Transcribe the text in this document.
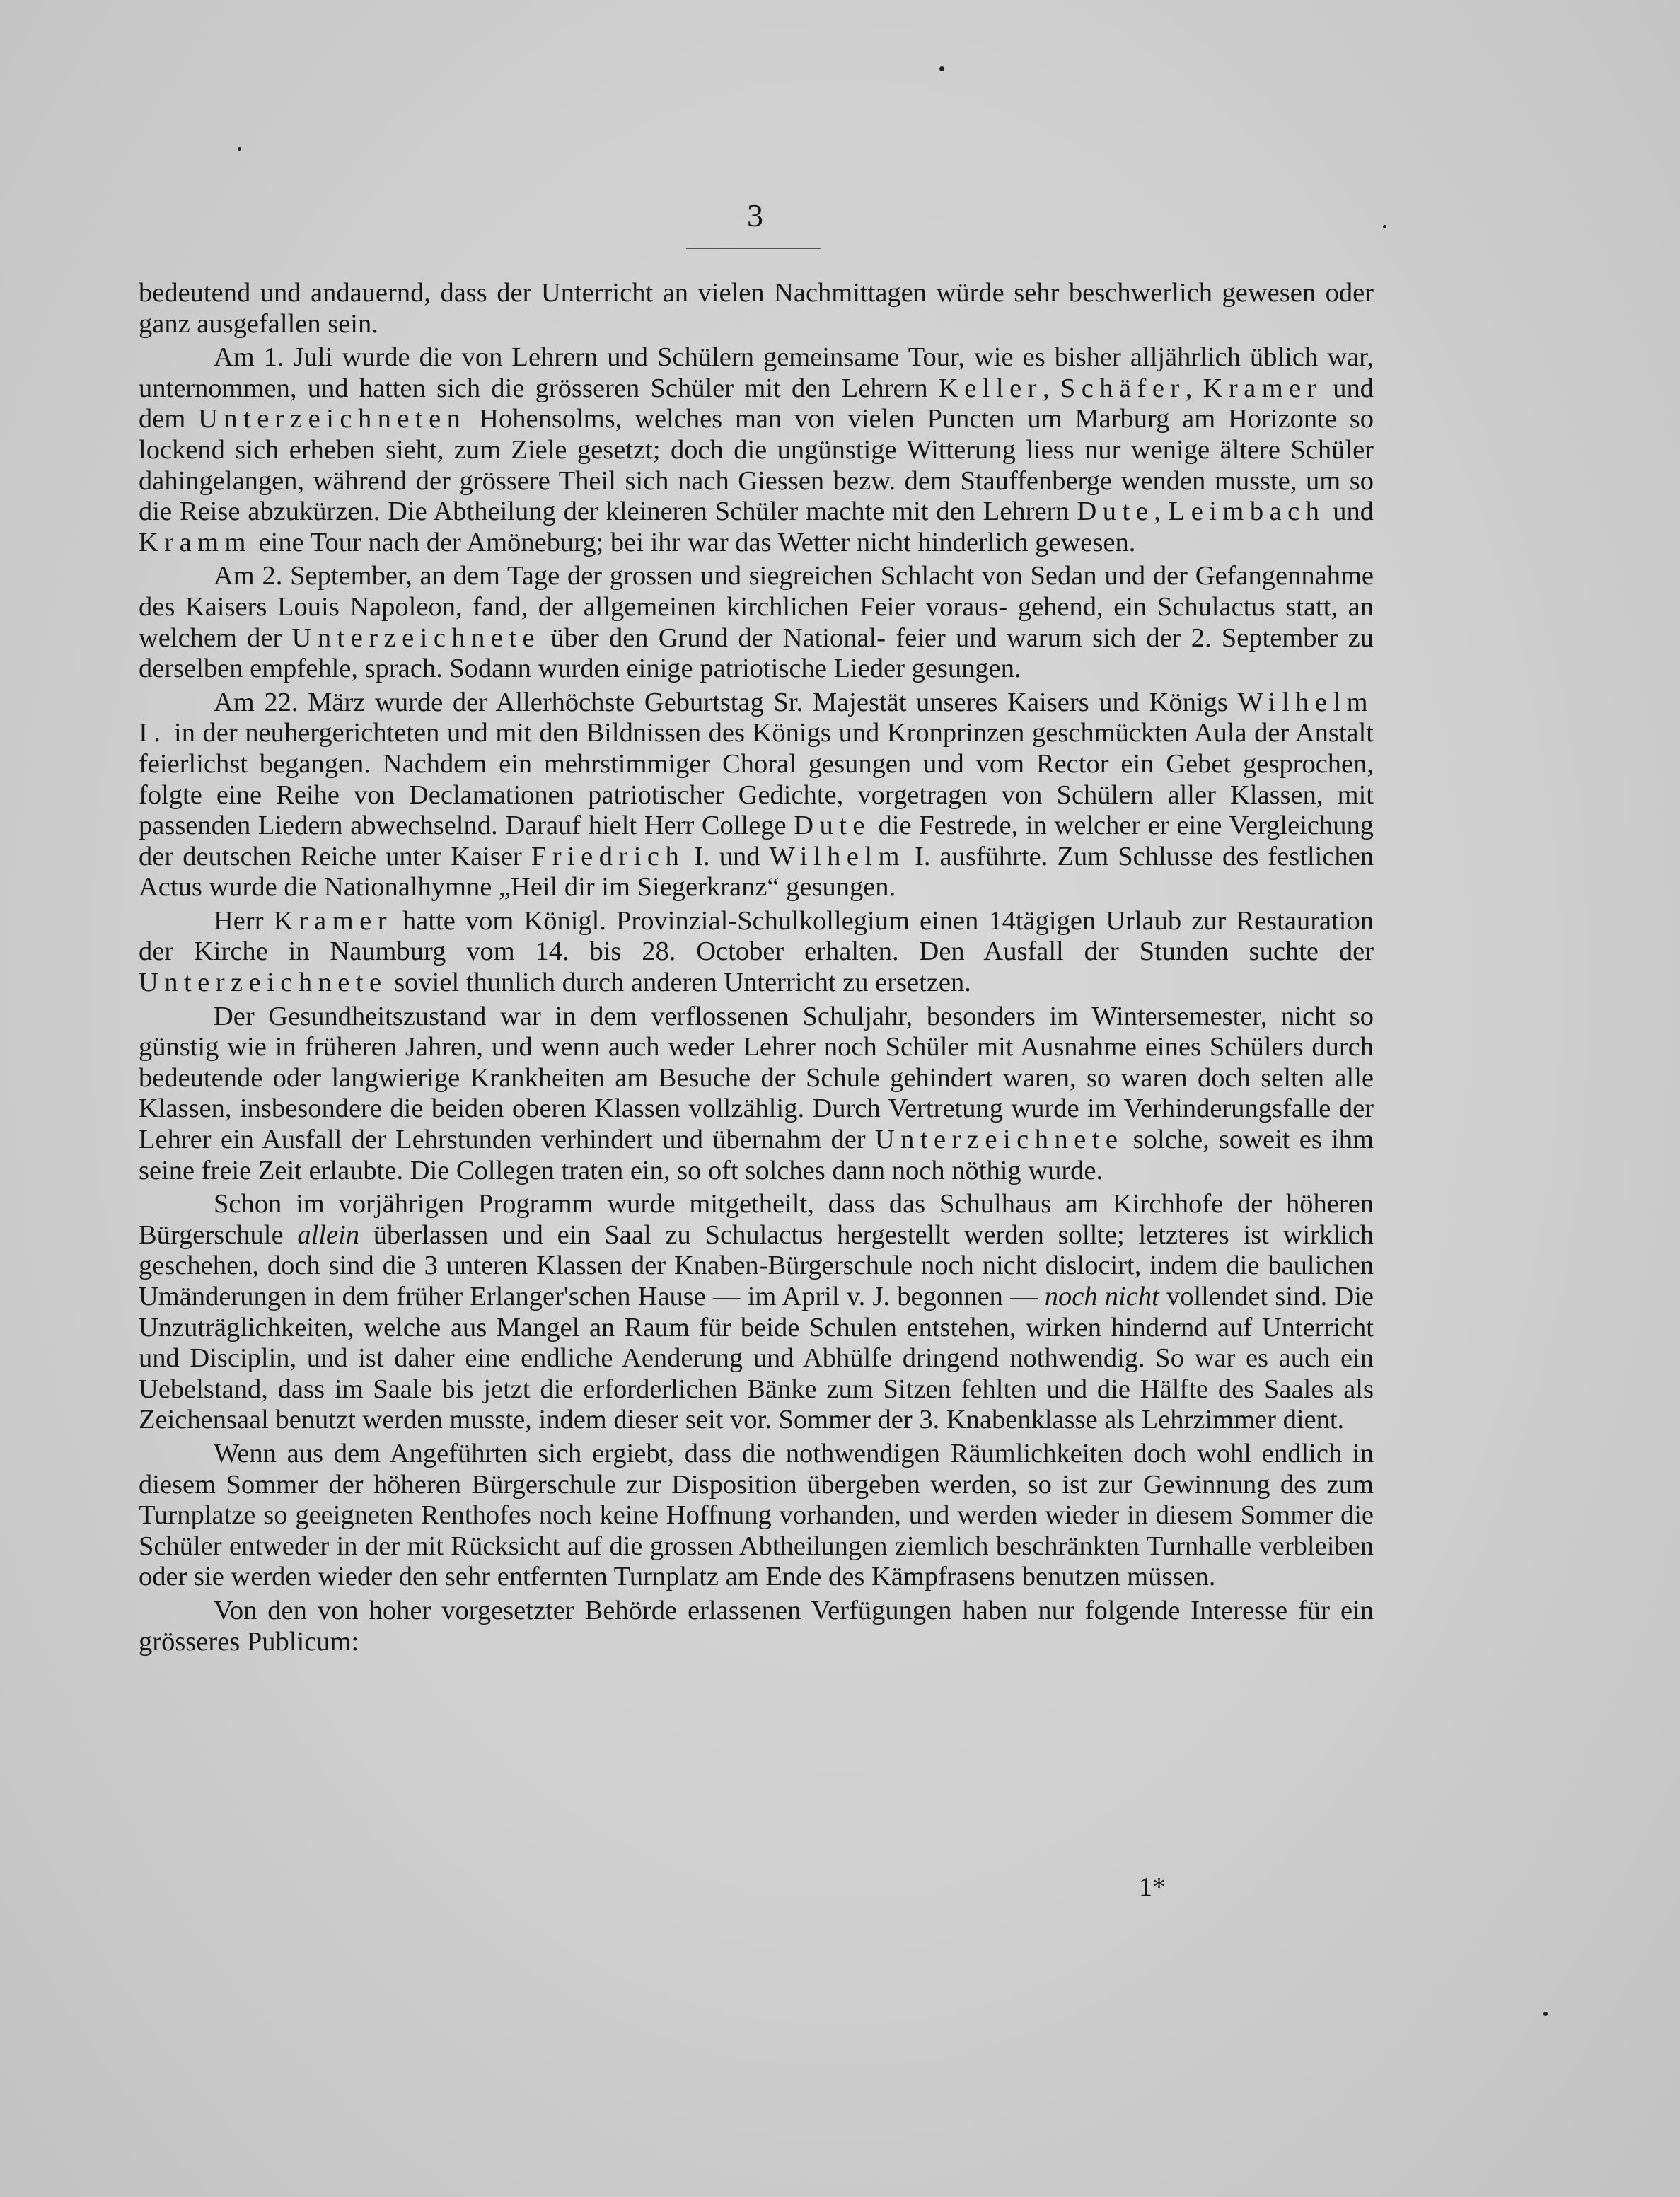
3

bedeutend und andauernd, dass der Unterricht an vielen Nachmittagen würde sehr beschwerlich gewesen oder ganz ausgefallen sein.

Am 1. Juli wurde die von Lehrern und Schülern gemeinsame Tour, wie es bisher alljährlich üblich war, unternommen, und hatten sich die grösseren Schüler mit den Lehrern Keller, Schäfer, Kramer und dem Unterzeichneten Hohensolms, welches man von vielen Puncten um Marburg am Horizonte so lockend sich erheben sieht, zum Ziele gesetzt; doch die ungünstige Witterung liess nur wenige ältere Schüler dahingelangen, während der grössere Theil sich nach Giessen bezw. dem Stauffenberge wenden musste, um so die Reise abzukürzen. Die Abtheilung der kleineren Schüler machte mit den Lehrern Dute, Leimbach und Kramm eine Tour nach der Amöneburg; bei ihr war das Wetter nicht hinderlich gewesen.

Am 2. September, an dem Tage der grossen und siegreichen Schlacht von Sedan und der Gefangennahme des Kaisers Louis Napoleon, fand, der allgemeinen kirchlichen Feier voraus- gehend, ein Schulactus statt, an welchem der Unterzeichnete über den Grund der National- feier und warum sich der 2. September zu derselben empfehle, sprach. Sodann wurden einige patriotische Lieder gesungen.

Am 22. März wurde der Allerhöchste Geburtstag Sr. Majestät unseres Kaisers und Königs Wilhelm I. in der neuhergerichteten und mit den Bildnissen des Königs und Kronprinzen geschmückten Aula der Anstalt feierlichst begangen. Nachdem ein mehrstimmiger Choral gesungen und vom Rector ein Gebet gesprochen, folgte eine Reihe von Declamationen patriotischer Gedichte, vorgetragen von Schülern aller Klassen, mit passenden Liedern abwechselnd. Darauf hielt Herr College Dute die Festrede, in welcher er eine Vergleichung der deutschen Reiche unter Kaiser Friedrich I. und Wilhelm I. ausführte. Zum Schlusse des festlichen Actus wurde die Nationalhymne „Heil dir im Siegerkranz“ gesungen.

Herr Kramer hatte vom Königl. Provinzial-Schulkollegium einen 14tägigen Urlaub zur Restauration der Kirche in Naumburg vom 14. bis 28. October erhalten. Den Ausfall der Stunden suchte der Unterzeichnete soviel thunlich durch anderen Unterricht zu ersetzen.

Der Gesundheitszustand war in dem verflossenen Schuljahr, besonders im Wintersemester, nicht so günstig wie in früheren Jahren, und wenn auch weder Lehrer noch Schüler mit Ausnahme eines Schülers durch bedeutende oder langwierige Krankheiten am Besuche der Schule gehindert waren, so waren doch selten alle Klassen, insbesondere die beiden oberen Klassen vollzählig. Durch Vertretung wurde im Verhinderungsfalle der Lehrer ein Ausfall der Lehrstunden verhindert und übernahm der Unterzeichnete solche, soweit es ihm seine freie Zeit erlaubte. Die Collegen traten ein, so oft solches dann noch nöthig wurde.

Schon im vorjährigen Programm wurde mitgetheilt, dass das Schulhaus am Kirchhofe der höheren Bürgerschule allein überlassen und ein Saal zu Schulactus hergestellt werden sollte; letzteres ist wirklich geschehen, doch sind die 3 unteren Klassen der Knaben-Bürgerschule noch nicht dislocirt, indem die baulichen Umänderungen in dem früher Erlanger'schen Hause — im April v. J. begonnen — noch nicht vollendet sind. Die Unzuträglichkeiten, welche aus Mangel an Raum für beide Schulen entstehen, wirken hindernd auf Unterricht und Disciplin, und ist daher eine endliche Aenderung und Abhülfe dringend nothwendig. So war es auch ein Uebelstand, dass im Saale bis jetzt die erforderlichen Bänke zum Sitzen fehlten und die Hälfte des Saales als Zeichensaal benutzt werden musste, indem dieser seit vor. Sommer der 3. Knabenklasse als Lehrzimmer dient.

Wenn aus dem Angeführten sich ergiebt, dass die nothwendigen Räumlichkeiten doch wohl endlich in diesem Sommer der höheren Bürgerschule zur Disposition übergeben werden, so ist zur Gewinnung des zum Turnplatze so geeigneten Renthofes noch keine Hoffnung vorhanden, und werden wieder in diesem Sommer die Schüler entweder in der mit Rücksicht auf die grossen Abtheilungen ziemlich beschränkten Turnhalle verbleiben oder sie werden wieder den sehr entfernten Turnplatz am Ende des Kämpfrasens benutzen müssen.

Von den von hoher vorgesetzter Behörde erlassenen Verfügungen haben nur folgende Interesse für ein grösseres Publicum:

1*
